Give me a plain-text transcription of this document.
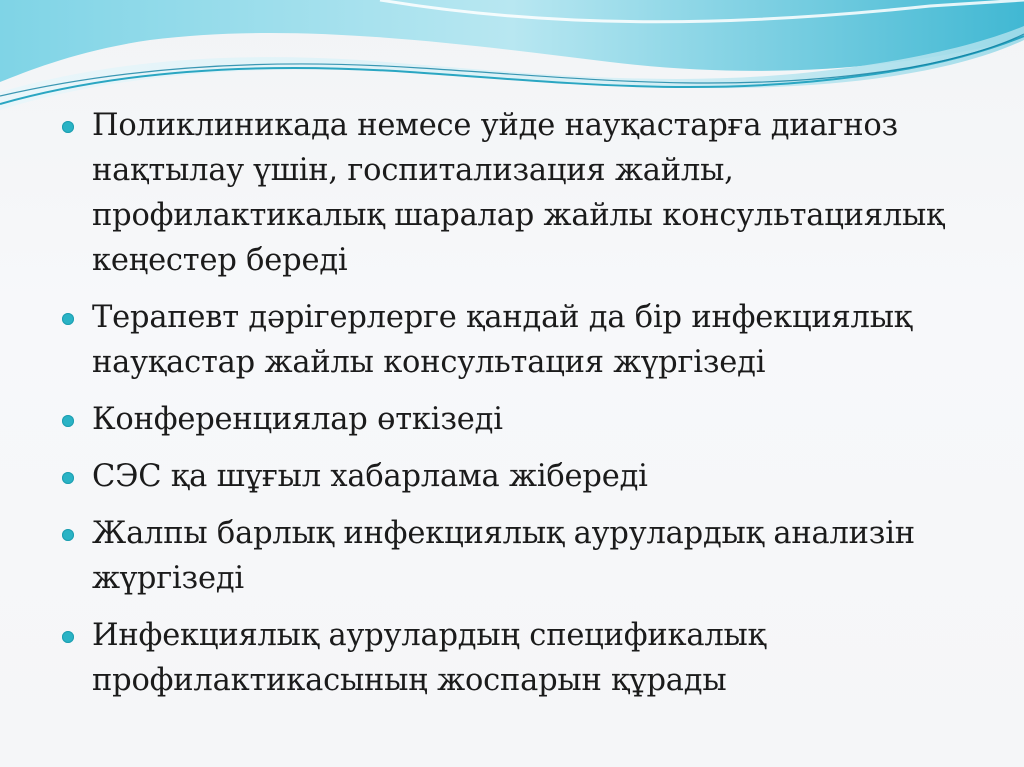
Поликлиникада немесе уйде науқастарға диагноз нақтылау үшін, госпитализация жайлы, профилактикалық шаралар жайлы консультациялық кеңестер береді
Терапевт дәрігерлерге қандай да бір инфекциялық науқастар жайлы консультация жүргізеді
Конференциялар өткізеді
СЭС қа шұғыл хабарлама жібереді
Жалпы барлық инфекциялық аурулардық анализін жүргізеді
Инфекциялық аурулардың спецификалық профилактикасының жоспарын құрады
